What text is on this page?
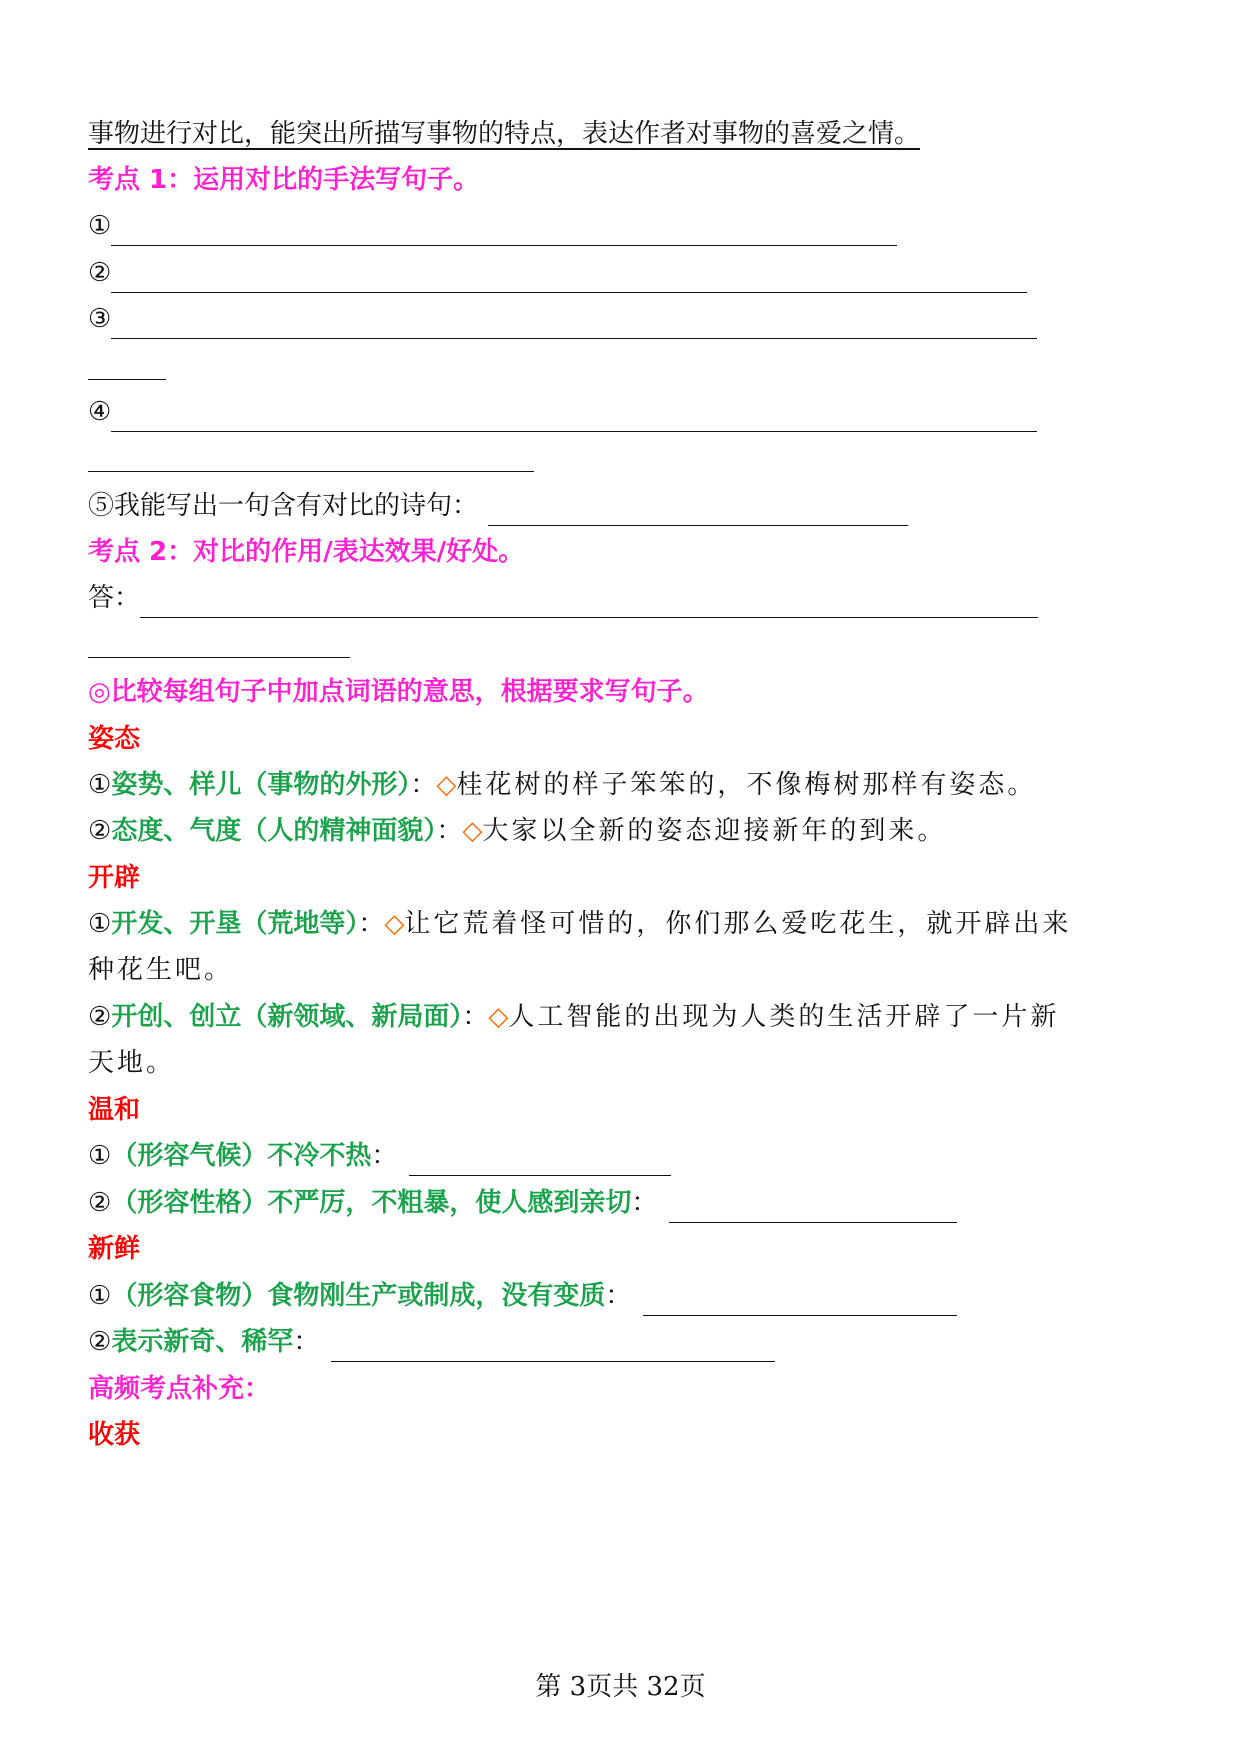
事物进行对比，能突出所描写事物的特点，表达作者对事物的喜爱之情。
考点 1：运用对比的手法写句子。
①
②
③
④
⑤我能写出一句含有对比的诗句：
考点 2：对比的作用/表达效果/好处。
答：
◎比较每组句子中加点词语的意思，根据要求写句子。
姿态
①姿势、样儿（事物的外形）：◇桂花树的样子笨笨的，不像梅树那样有姿态。
②态度、气度（人的精神面貌）：◇大家以全新的姿态迎接新年的到来。
开辟
①开发、开垦（荒地等）：◇让它荒着怪可惜的，你们那么爱吃花生，就开辟出来
种花生吧。
②开创、创立（新领域、新局面）：◇人工智能的出现为人类的生活开辟了一片新
天地。
温和
①（形容气候）不冷不热：
②（形容性格）不严厉，不粗暴，使人感到亲切：
新鲜
①（形容食物）食物刚生产或制成，没有变质：
②表示新奇、稀罕：
高频考点补充：
收获
第 3页共 32页
